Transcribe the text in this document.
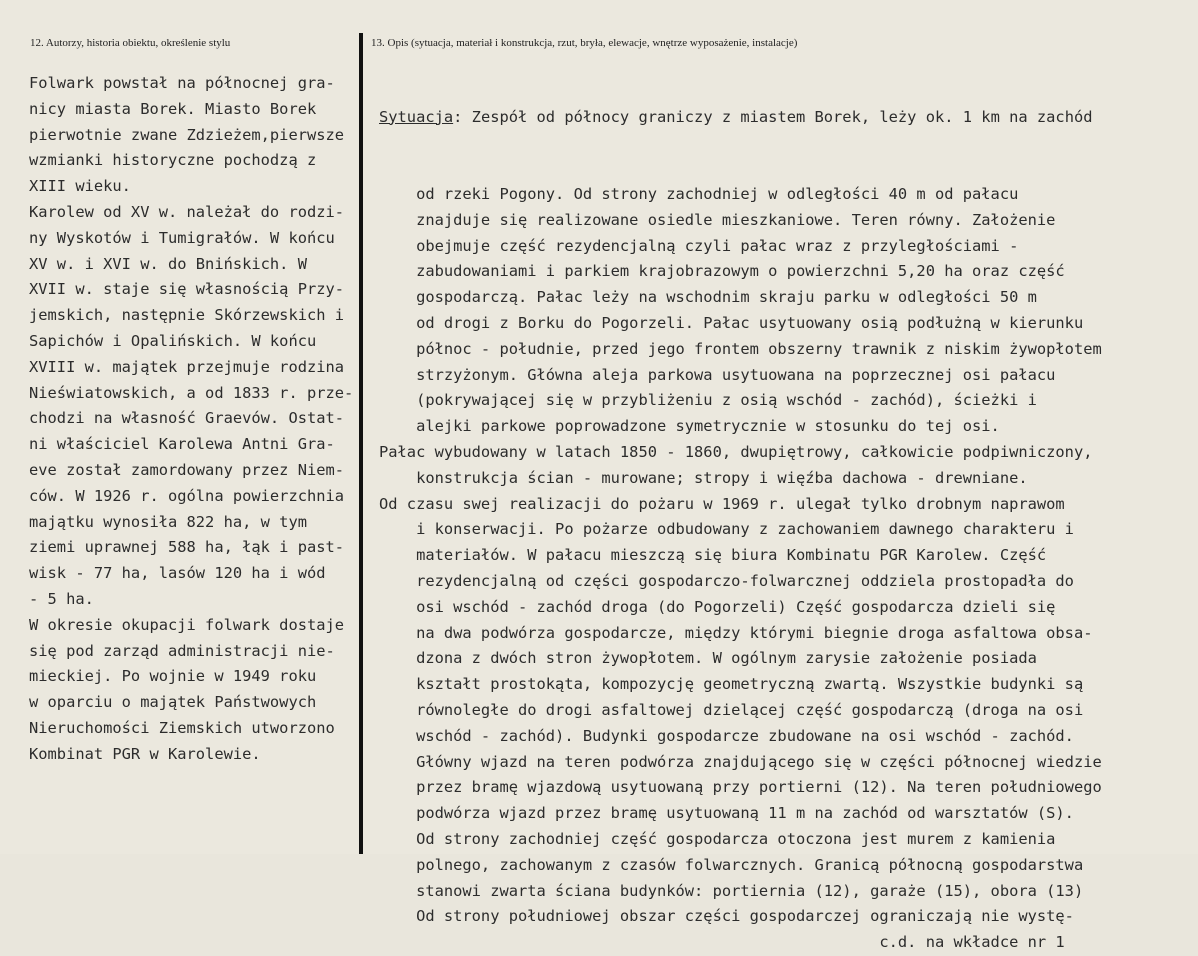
12. Autorzy, historia obiektu, określenie stylu	13. Opis (sytuacja, materiał i konstrukcja, rzut, bryła, elewacje, wnętrze wyposażenie, instalacje)
Folwark powstał na północnej gra-
nicy miasta Borek. Miasto Borek
pierwotnie zwane Zdzieżem,pierwsze
wzmianki historyczne pochodzą z
XIII wieku.
Karolew od XV w. należał do rodzi-
ny Wyskotów i Tumigrałów. W końcu
XV w. i XVI w. do Bnińskich. W
XVII w. staje się własnością Przy-
jemskich, następnie Skórzewskich i
Sapichów i Opalińskich. W końcu
XVIII w. majątek przejmuje rodzina
Nieświatowskich, a od 1833 r. prze-
chodzi na własność Graevów. Ostat-
ni właściciel Karolewa Antni Gra-
eve został zamordowany przez Niem-
ców. W 1926 r. ogólna powierzchnia
majątku wynosiła 822 ha, w tym
ziemi uprawnej 588 ha, łąk i past-
wisk - 77 ha, lasów 120 ha i wód
- 5 ha.
W okresie okupacji folwark dostaje
się pod zarząd administracji nie-
mieckiej. Po wojnie w 1949 roku
w oparciu o majątek Państwowych
Nieruchomości Ziemskich utworzono
Kombinat PGR w Karolewie.

Sytuacja: Zespół od północy graniczy z miastem Borek, leży ok. 1 km na zachód

od rzeki Pogony. Od strony zachodniej w odległości 40 m od pałacu
znajduje się realizowane osiedle mieszkaniowe. Teren równy. Założenie
obejmuje część rezydencjalną czyli pałac wraz z przyległościami -
zabudowaniami i parkiem krajobrazowym o powierzchni 5,20 ha oraz część
gospodarczą. Pałac leży na wschodnim skraju parku w odległości 50 m
od drogi z Borku do Pogorzeli. Pałac usytuowany osią podłużną w kierunku
północ - południe, przed jego frontem obszerny trawnik z niskim żywopłotem
strzyżonym. Główna aleja parkowa usytuowana na poprzecznej osi pałacu
(pokrywającej się w przybliżeniu z osią wschód - zachód), ścieżki i
alejki parkowe poprowadzone symetrycznie w stosunku do tej osi.
Pałac wybudowany w latach 1850 - 1860, dwupiętrowy, całkowicie podpiwniczony,
konstrukcja ścian - murowane; stropy i więźba dachowa - drewniane.
Od czasu swej realizacji do pożaru w 1969 r. ulegał tylko drobnym naprawom
i konserwacji. Po pożarze odbudowany z zachowaniem dawnego charakteru i
materiałów. W pałacu mieszczą się biura Kombinatu PGR Karolew. Część
rezydencjalną od części gospodarczo-folwarcznej oddziela prostopadła do
osi wschód - zachód droga (do Pogorzeli) Część gospodarcza dzieli się
na dwa podwórza gospodarcze, między którymi biegnie droga asfaltowa obsa-
dzona z dwóch stron żywopłotem. W ogólnym zarysie założenie posiada
kształt prostokąta, kompozycję geometryczną zwartą. Wszystkie budynki są
równoległe do drogi asfaltowej dzielącej część gospodarczą (droga na osi
wschód - zachód). Budynki gospodarcze zbudowane na osi wschód - zachód.
Główny wjazd na teren podwórza znajdującego się w części północnej wiedzie
przez bramę wjazdową usytuowaną przy portierni (12). Na teren południowego
podwórza wjazd przez bramę usytuowaną 11 m na zachód od warsztatów (S).
Od strony zachodniej część gospodarcza otoczona jest murem z kamienia
polnego, zachowanym z czasów folwarcznych. Granicą północną gospodarstwa
stanowi zwarta ściana budynków: portiernia (12), garaże (15), obora (13)
Od strony południowej obszar części gospodarczej ograniczają nie wystę-
c.d. na wkładce nr 1
